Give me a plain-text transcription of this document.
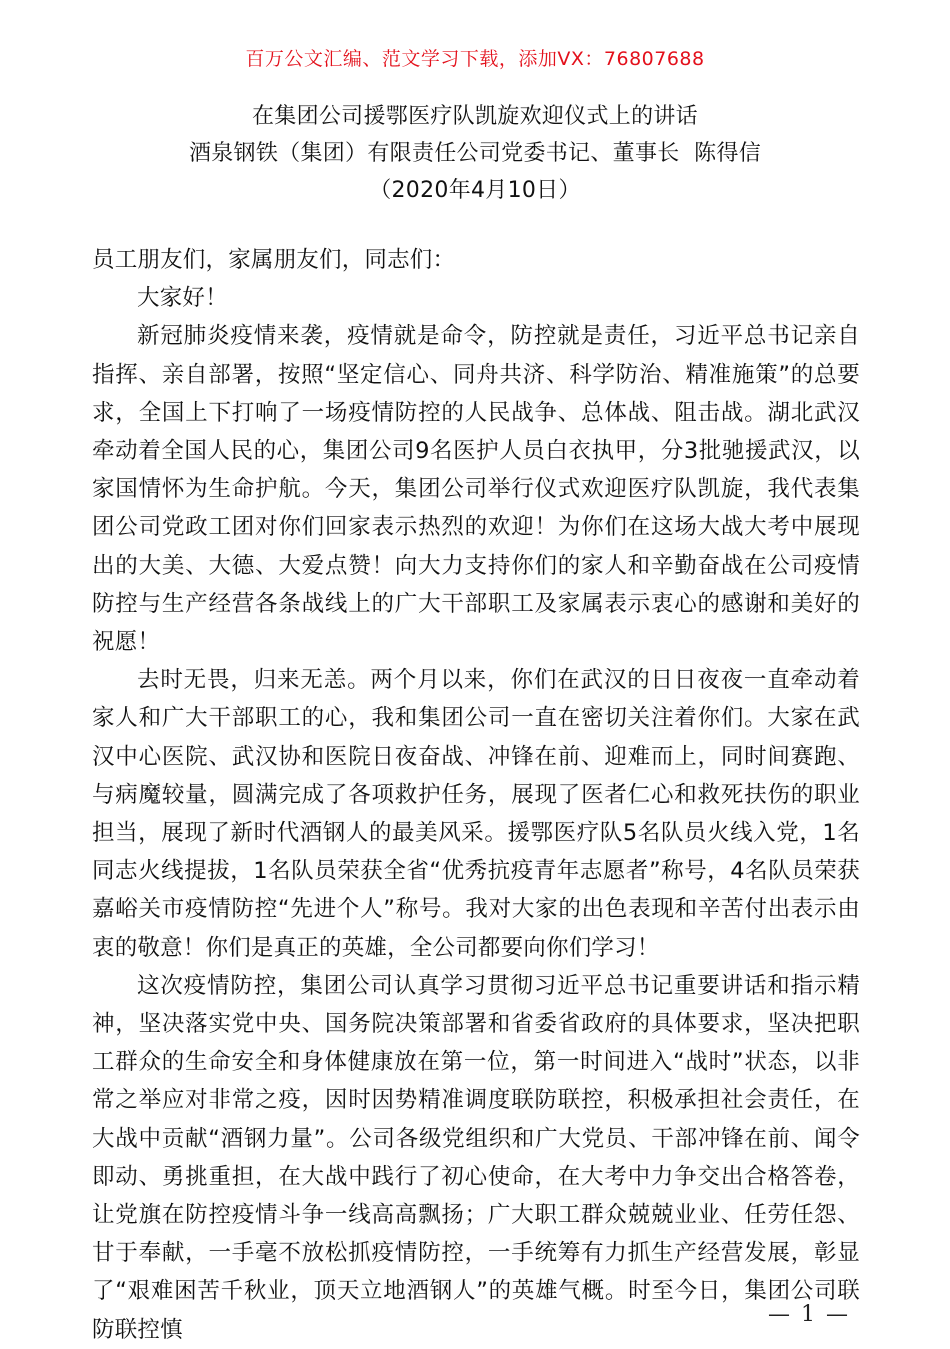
百万公文汇编、范文学习下载，添加VX：76807688
在集团公司援鄂医疗队凯旋欢迎仪式上的讲话
酒泉钢铁（集团）有限责任公司党委书记、董事长  陈得信
（2020年4月10日）

员工朋友们，家属朋友们，同志们：

大家好！

新冠肺炎疫情来袭，疫情就是命令，防控就是责任，习近平总书记亲自指挥、亲自部署，按照“坚定信心、同舟共济、科学防治、精准施策”的总要求，全国上下打响了一场疫情防控的人民战争、总体战、阻击战。湖北武汉牵动着全国人民的心，集团公司9名医护人员白衣执甲，分3批驰援武汉，以家国情怀为生命护航。今天，集团公司举行仪式欢迎医疗队凯旋，我代表集团公司党政工团对你们回家表示热烈的欢迎！为你们在这场大战大考中展现出的大美、大德、大爱点赞！向大力支持你们的家人和辛勤奋战在公司疫情防控与生产经营各条战线上的广大干部职工及家属表示衷心的感谢和美好的祝愿！

去时无畏，归来无恙。两个月以来，你们在武汉的日日夜夜一直牵动着家人和广大干部职工的心，我和集团公司一直在密切关注着你们。大家在武汉中心医院、武汉协和医院日夜奋战、冲锋在前、迎难而上，同时间赛跑、与病魔较量，圆满完成了各项救护任务，展现了医者仁心和救死扶伤的职业担当，展现了新时代酒钢人的最美风采。援鄂医疗队5名队员火线入党，1名同志火线提拔，1名队员荣获全省“优秀抗疫青年志愿者”称号，4名队员荣获嘉峪关市疫情防控“先进个人”称号。我对大家的出色表现和辛苦付出表示由衷的敬意！你们是真正的英雄，全公司都要向你们学习！

这次疫情防控，集团公司认真学习贯彻习近平总书记重要讲话和指示精神，坚决落实党中央、国务院决策部署和省委省政府的具体要求，坚决把职工群众的生命安全和身体健康放在第一位，第一时间进入“战时”状态，以非常之举应对非常之疫，因时因势精准调度联防联控，积极承担社会责任，在大战中贡献“酒钢力量”。公司各级党组织和广大党员、干部冲锋在前、闻令即动、勇挑重担，在大战中践行了初心使命，在大考中力争交出合格答卷，让党旗在防控疫情斗争一线高高飘扬；广大职工群众兢兢业业、任劳任怨、甘于奉献，一手毫不放松抓疫情防控，一手统筹有力抓生产经营发展，彰显了“艰难困苦千秋业，顶天立地酒钢人”的英雄气概。时至今日，集团公司联防联控慎

— 1 —
